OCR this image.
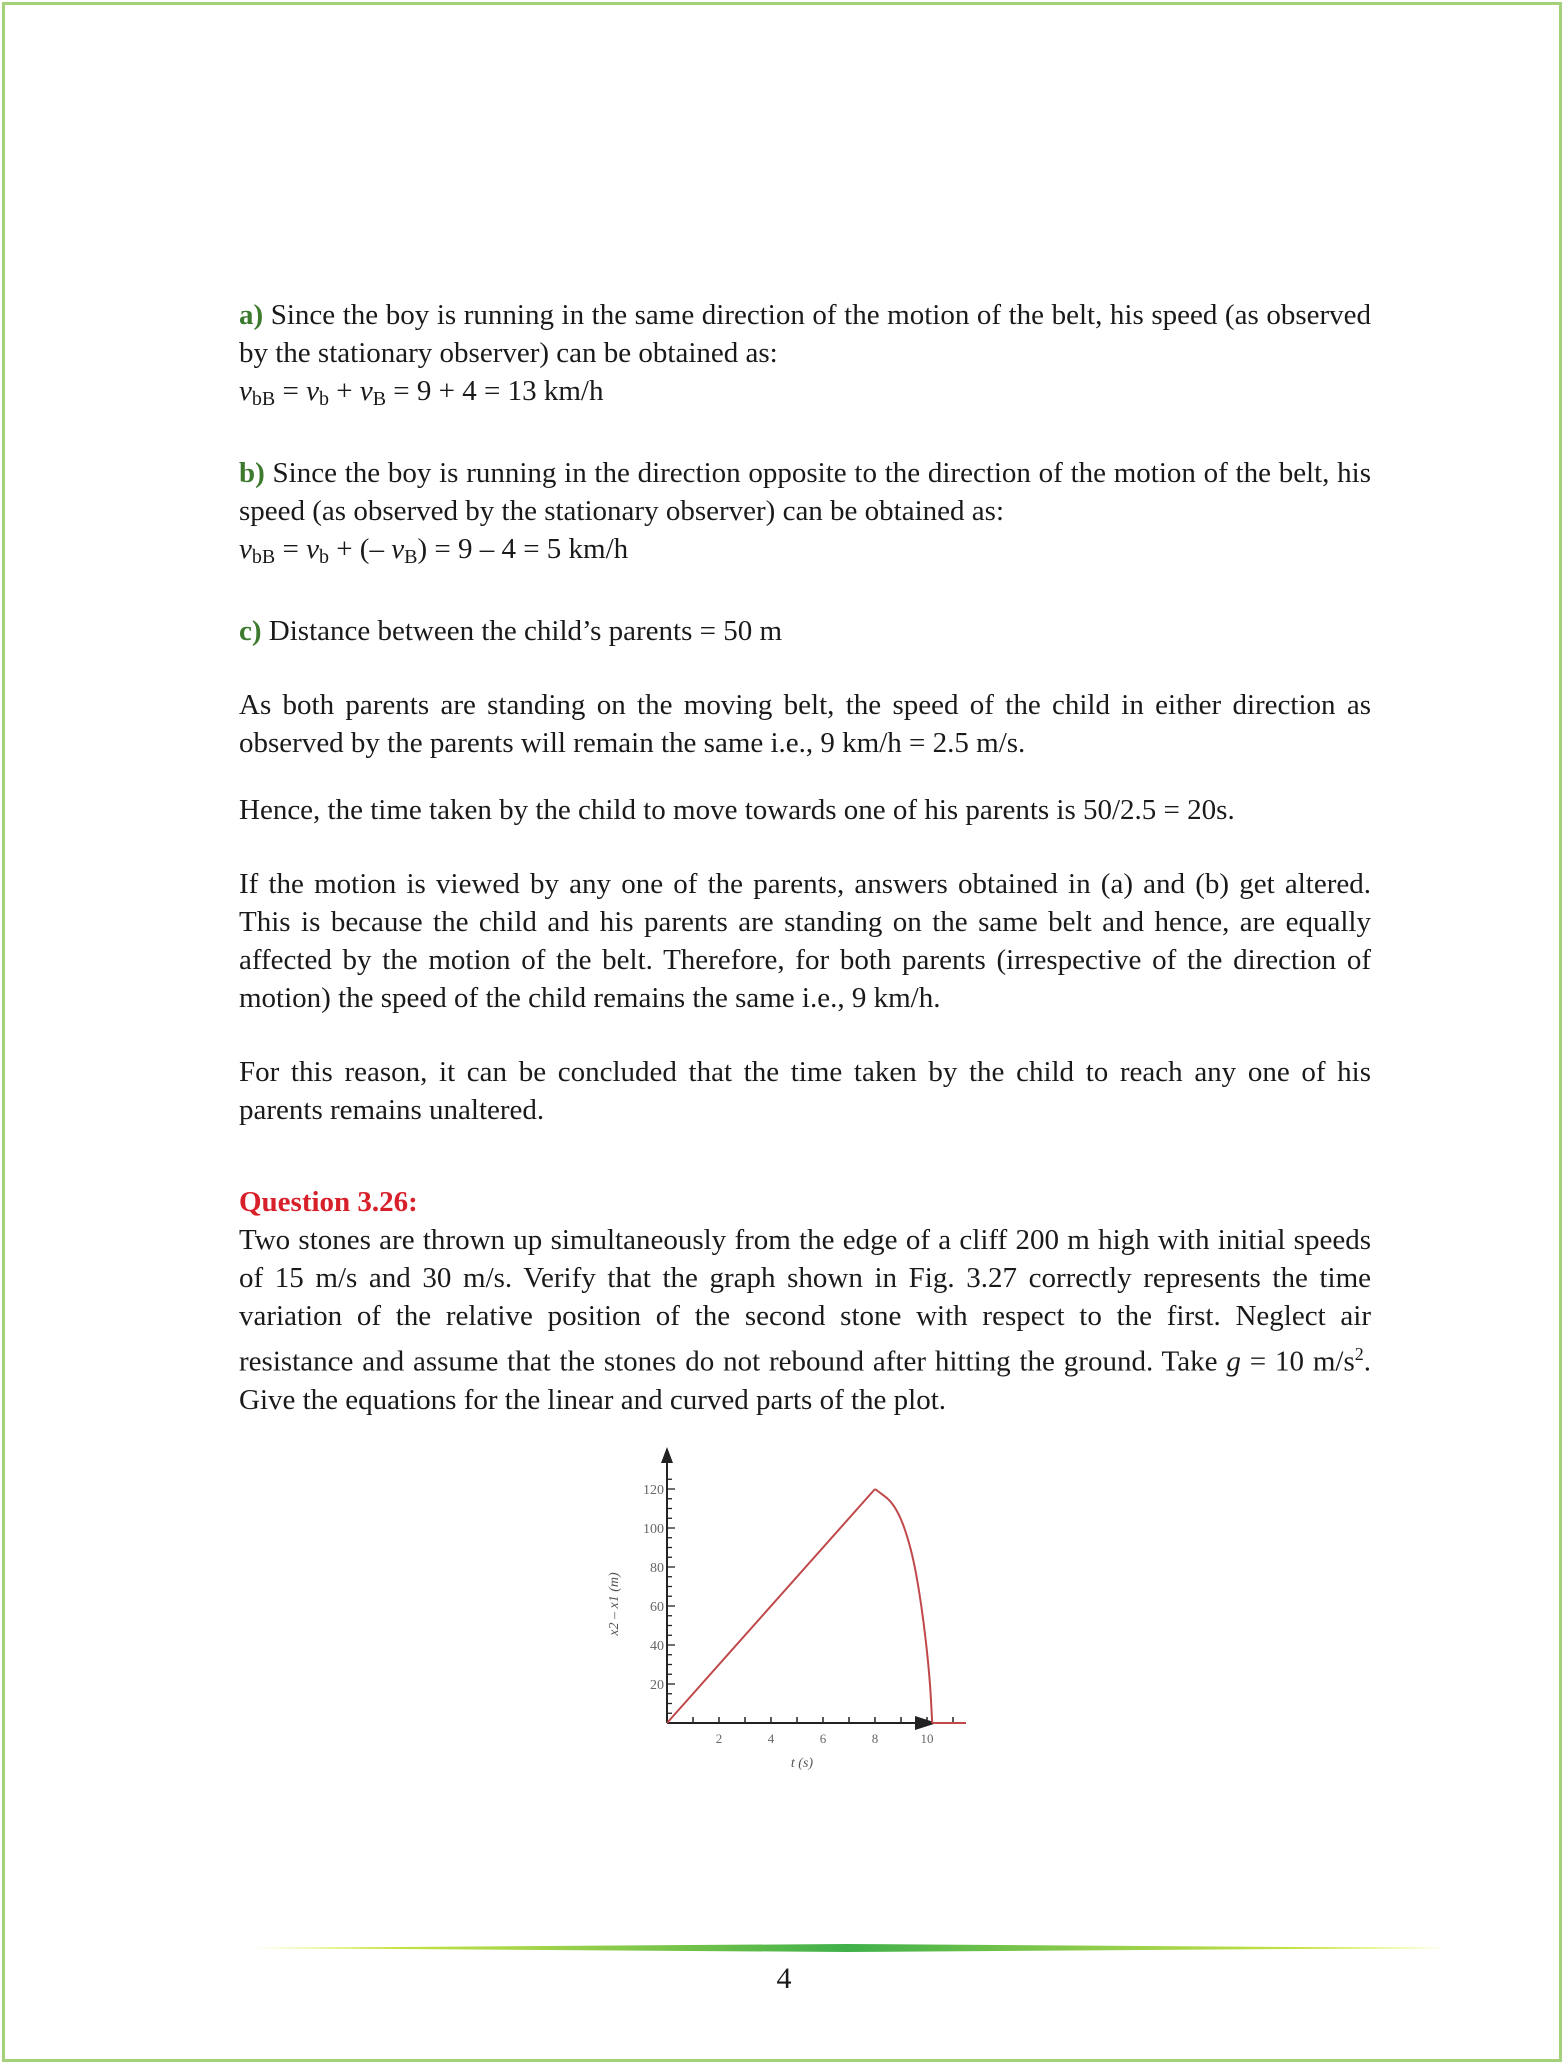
a) Since the boy is running in the same direction of the motion of the belt, his speed (as observed by the stationary observer) can be obtained as:

$v_{bB} = v_b + v_B = 9 + 4 = 13$ km/h

b) Since the boy is running in the direction opposite to the direction of the motion of the belt, his speed (as observed by the stationary observer) can be obtained as:

$v_{bB} = v_b$ + (– $v_B) = 9 - 4 = 5$ km/h

c) Distance between the child’s parents = 50 m

As both parents are standing on the moving belt, the speed of the child in either direction as observed by the parents will remain the same i.e., 9 km/h = 2.5 m/s.

Hence, the time taken by the child to move towards one of his parents is 50/2.5 = 20s.

If the motion is viewed by any one of the parents, answers obtained in (a) and (b) get altered. This is because the child and his parents are standing on the same belt and hence, are equally affected by the motion of the belt. Therefore, for both parents (irrespective of the direction of motion) the speed of the child remains the same i.e., 9 km/h.

For this reason, it can be concluded that the time taken by the child to reach any one of his parents remains unaltered.

Question 3.26:

Two stones are thrown up simultaneously from the edge of a cliff 200 m high with initial speeds of 15 m/s and 30 m/s. Verify that the graph shown in Fig. 3.27 correctly represents the time variation of the relative position of the second stone with respect to the first. Neglect air resistance and assume that the stones do not rebound after hitting the ground. Take g = 10 $m/s^2$. Give the equations for the linear and curved parts of the plot.

2	4	6	8	10
20
40
60
80
100
120
t (s)
x2 – x1 (m)
4
